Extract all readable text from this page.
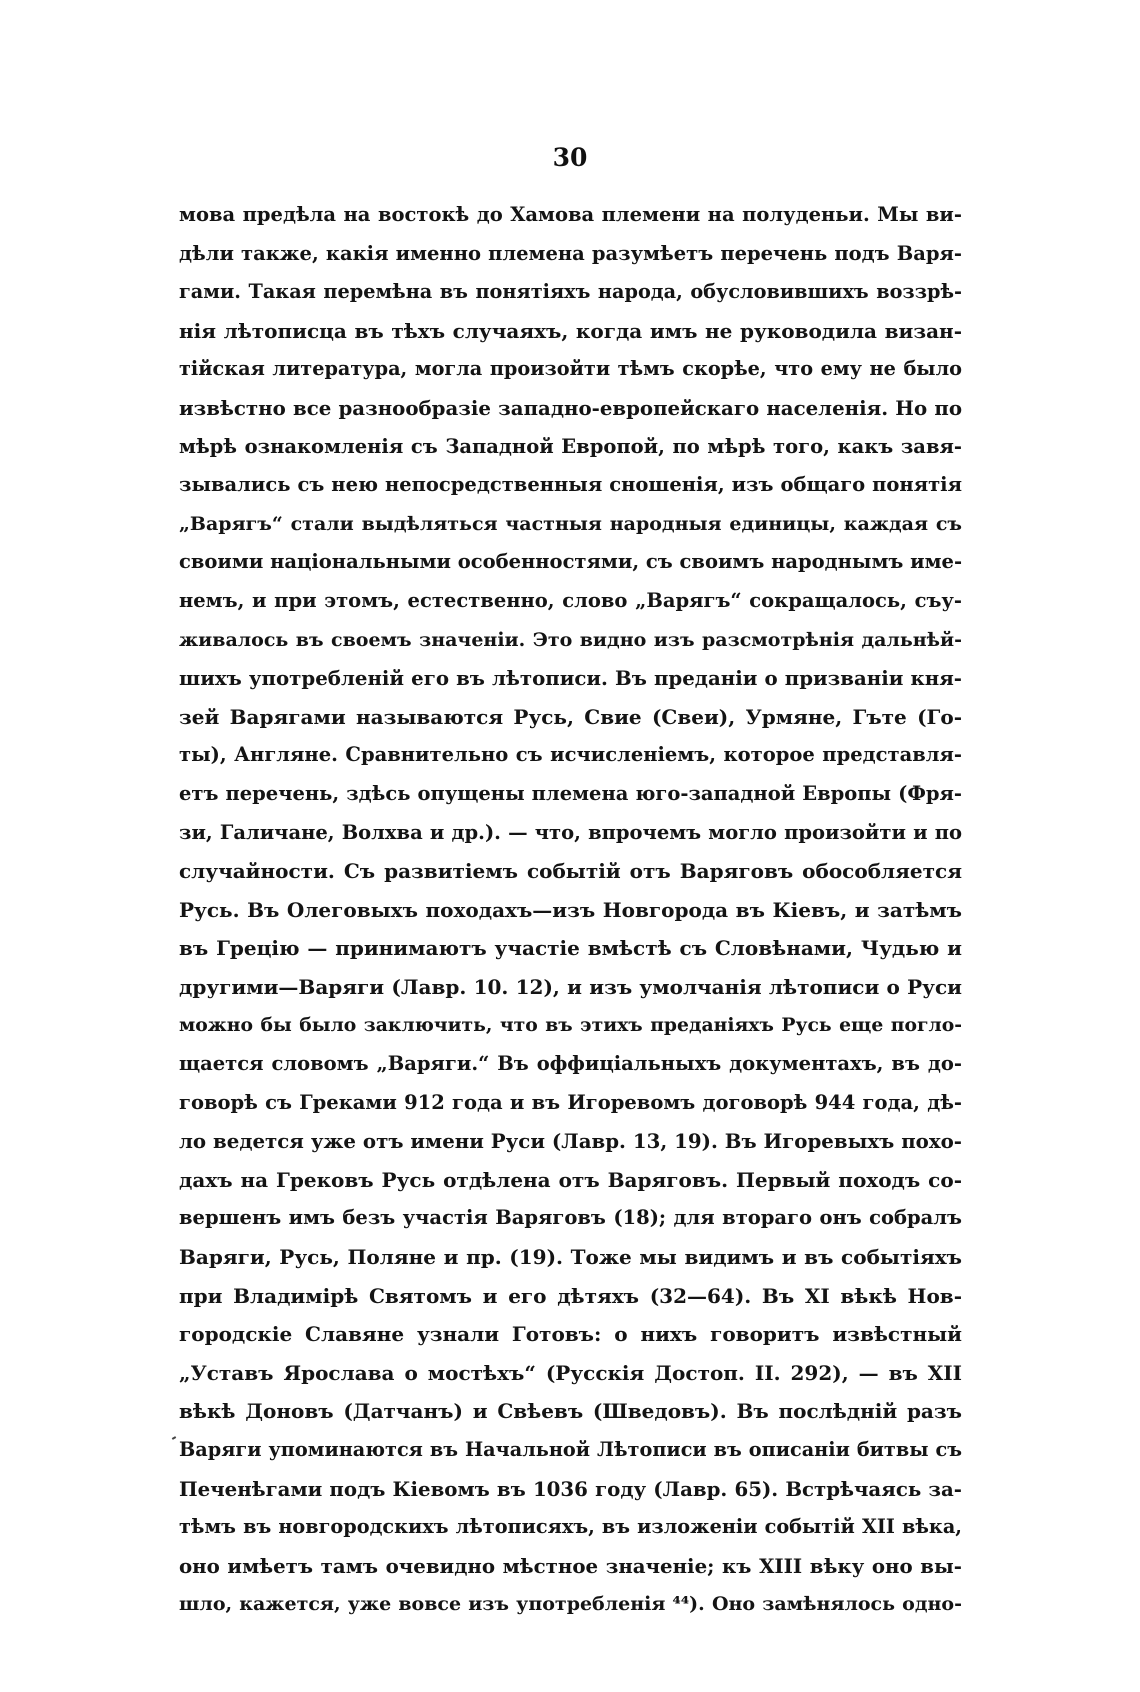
30
мова предѣла на востокѣ до Хамова племени на полуденьи. Мы ви-
дѣли также, какія именно племена разумѣетъ перечень подъ Варя-
гами. Такая перемѣна въ понятіяхъ народа, обусловившихъ воззрѣ-
нія лѣтописца въ тѣхъ случаяхъ, когда имъ не руководила визан-
тійская литература, могла произойти тѣмъ скорѣе, что ему не было
извѣстно все разнообразіе западно-европейскаго населенія. Но по
мѣрѣ ознакомленія съ Западной Европой, по мѣрѣ того, какъ завя-
зывались съ нею непосредственныя сношенія, изъ общаго понятія
„Варягъ“ стали выдѣляться частныя народныя единицы, каждая съ
своими національными особенностями, съ своимъ народнымъ име-
немъ, и при этомъ, естественно, слово „Варягъ“ сокращалось, съу-
живалось въ своемъ значеніи. Это видно изъ разсмотрѣнія дальнѣй-
шихъ употребленій его въ лѣтописи. Въ преданіи о призваніи кня-
зей Варягами называются Русь, Свие (Свеи), Урмяне, Гъте (Го-
ты), Англяне. Сравнительно съ исчисленіемъ, которое представля-
етъ перечень, здѣсь опущены племена юго-западной Европы (Фря-
зи, Галичане, Волхва и др.). — что, впрочемъ могло произойти и по
случайности. Съ развитіемъ событій отъ Варяговъ обособляется
Русь. Въ Олеговыхъ походахъ—изъ Новгорода въ Кіевъ, и затѣмъ
въ Грецію — принимаютъ участіе вмѣстѣ съ Словѣнами, Чудью и
другими—Варяги (Лавр. 10. 12), и изъ умолчанія лѣтописи о Руси
можно бы было заключить, что въ этихъ преданіяхъ Русь еще погло-
щается словомъ „Варяги.“ Въ оффиціальныхъ документахъ, въ до-
говорѣ съ Греками 912 года и въ Игоревомъ договорѣ 944 года, дѣ-
ло ведется уже отъ имени Руси (Лавр. 13, 19). Въ Игоревыхъ похо-
дахъ на Грековъ Русь отдѣлена отъ Варяговъ. Первый походъ со-
вершенъ имъ безъ участія Варяговъ (18); для втораго онъ собралъ
Варяги, Русь, Поляне и пр. (19). Тоже мы видимъ и въ событіяхъ
при Владимірѣ Святомъ и его дѣтяхъ (32—64). Въ XI вѣкѣ Нов-
городскіе Славяне узнали Готовъ: о нихъ говоритъ извѣстный
„Уставъ Ярослава о мостѣхъ“ (Русскія Достоп. II. 292), — въ XII
вѣкѣ Доновъ (Датчанъ) и Свѣевъ (Шведовъ). Въ послѣдній разъ
Варяги упоминаются въ Начальной Лѣтописи въ описаніи битвы съ
Печенѣгами подъ Кіевомъ въ 1036 году (Лавр. 65). Встрѣчаясь за-
тѣмъ въ новгородскихъ лѣтописяхъ, въ изложеніи событій XII вѣка,
оно имѣетъ тамъ очевидно мѣстное значеніе; къ XIII вѣку оно вы-
шло, кажется, уже вовсе изъ употребленія ⁴⁴). Оно замѣнялось одно-
